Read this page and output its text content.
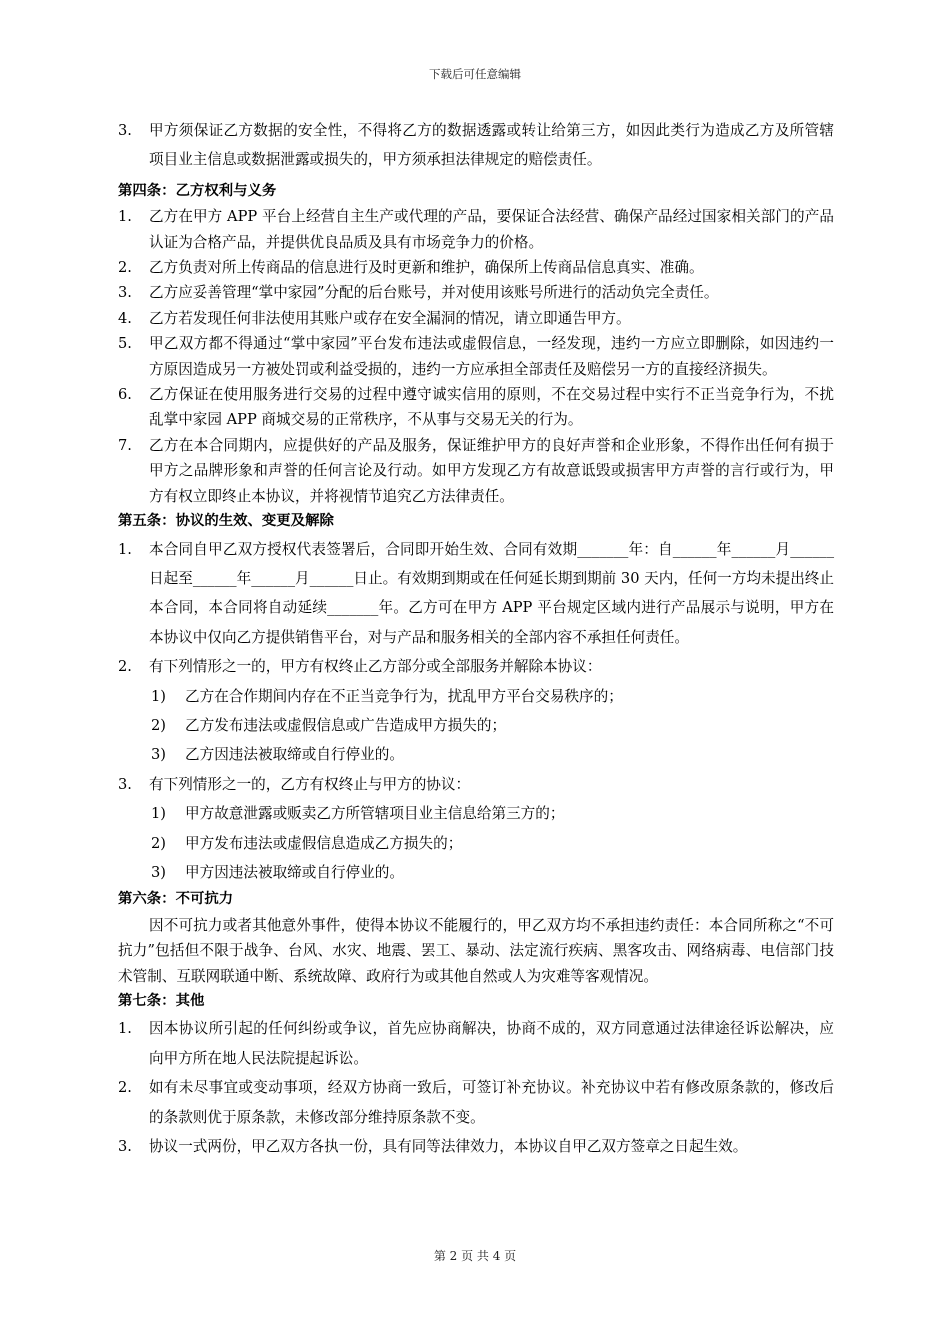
下载后可任意编辑
3. 甲方须保证乙方数据的安全性，不得将乙方的数据透露或转让给第三方，如因此类行为造成乙方及所管辖项目业主信息或数据泄露或损失的，甲方须承担法律规定的赔偿责任。
第四条：乙方权利与义务
1. 乙方在甲方 APP 平台上经营自主生产或代理的产品，要保证合法经营、确保产品经过国家相关部门的产品认证为合格产品，并提供优良品质及具有市场竞争力的价格。
2. 乙方负责对所上传商品的信息进行及时更新和维护，确保所上传商品信息真实、准确。
3. 乙方应妥善管理“掌中家园”分配的后台账号，并对使用该账号所进行的活动负完全责任。
4. 乙方若发现任何非法使用其账户或存在安全漏洞的情况，请立即通告甲方。
5. 甲乙双方都不得通过“掌中家园”平台发布违法或虚假信息，一经发现，违约一方应立即删除，如因违约一方原因造成另一方被处罚或利益受损的，违约一方应承担全部责任及赔偿另一方的直接经济损失。
6. 乙方保证在使用服务进行交易的过程中遵守诚实信用的原则，不在交易过程中实行不正当竞争行为，不扰乱掌中家园 APP 商城交易的正常秩序，不从事与交易无关的行为。
7. 乙方在本合同期内，应提供好的产品及服务，保证维护甲方的良好声誉和企业形象，不得作出任何有损于甲方之品牌形象和声誉的任何言论及行动。如甲方发现乙方有故意诋毁或损害甲方声誉的言行或行为，甲方有权立即终止本协议，并将视情节追究乙方法律责任。
第五条：协议的生效、变更及解除
1. 本合同自甲乙双方授权代表签署后，合同即开始生效、合同有效期_______年：自______年______月______日起至______年______月______日止。有效期到期或在任何延长期到期前 30 天内，任何一方均未提出终止本合同，本合同将自动延续_______年。乙方可在甲方 APP 平台规定区域内进行产品展示与说明，甲方在本协议中仅向乙方提供销售平台，对与产品和服务相关的全部内容不承担任何责任。
2. 有下列情形之一的，甲方有权终止乙方部分或全部服务并解除本协议：
1) 乙方在合作期间内存在不正当竞争行为，扰乱甲方平台交易秩序的；
2) 乙方发布违法或虚假信息或广告造成甲方损失的；
3) 乙方因违法被取缔或自行停业的。
3. 有下列情形之一的，乙方有权终止与甲方的协议：
1) 甲方故意泄露或贩卖乙方所管辖项目业主信息给第三方的；
2) 甲方发布违法或虚假信息造成乙方损失的；
3) 甲方因违法被取缔或自行停业的。
第六条：不可抗力
因不可抗力或者其他意外事件，使得本协议不能履行的，甲乙双方均不承担违约责任：本合同所称之“不可抗力”包括但不限于战争、台风、水灾、地震、罢工、暴动、法定流行疾病、黑客攻击、网络病毒、电信部门技术管制、互联网联通中断、系统故障、政府行为或其他自然或人为灾难等客观情况。
第七条：其他
1. 因本协议所引起的任何纠纷或争议，首先应协商解决，协商不成的，双方同意通过法律途径诉讼解决，应向甲方所在地人民法院提起诉讼。
2. 如有未尽事宜或变动事项，经双方协商一致后，可签订补充协议。补充协议中若有修改原条款的，修改后的条款则优于原条款，未修改部分维持原条款不变。
3. 协议一式两份，甲乙双方各执一份，具有同等法律效力，本协议自甲乙双方签章之日起生效。
第 2 页 共 4 页
